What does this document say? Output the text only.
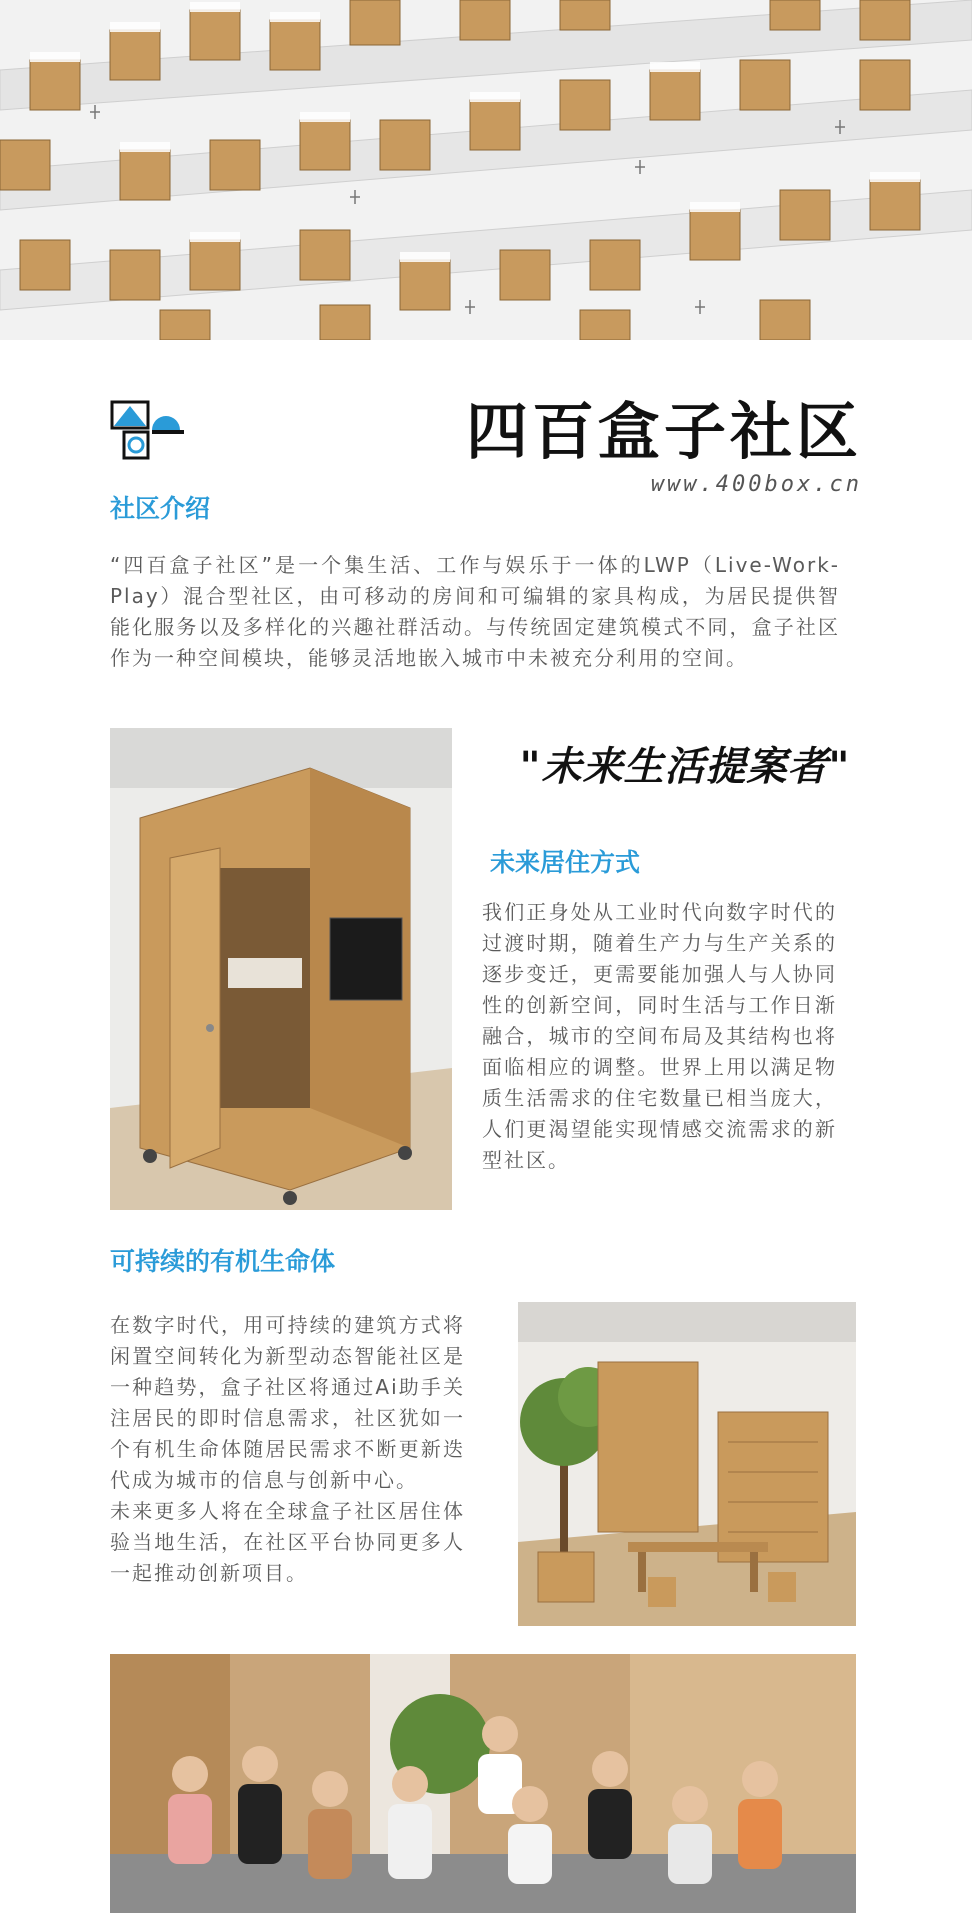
四百盒子社区
www.400box.cn
社区介绍

“四百盒子社区”是一个集生活、工作与娱乐于一体的LWP（Live-Work-Play）混合型社区，由可移动的房间和可编辑的家具构成，为居民提供智能化服务以及多样化的兴趣社群活动。与传统固定建筑模式不同，盒子社区作为一种空间模块，能够灵活地嵌入城市中未被充分利用的空间。

"未来生活提案者"
未来居住方式

我们正身处从工业时代向数字时代的过渡时期，随着生产力与生产关系的逐步变迁，更需要能加强人与人协同性的创新空间，同时生活与工作日渐融合，城市的空间布局及其结构也将面临相应的调整。世界上用以满足物质生活需求的住宅数量已相当庞大，人们更渴望能实现情感交流需求的新型社区。

可持续的有机生命体

在数字时代，用可持续的建筑方式将闲置空间转化为新型动态智能社区是一种趋势，盒子社区将通过Ai助手关注居民的即时信息需求，社区犹如一个有机生命体随居民需求不断更新迭代成为城市的信息与创新中心。

未来更多人将在全球盒子社区居住体验当地生活，在社区平台协同更多人一起推动创新项目。
